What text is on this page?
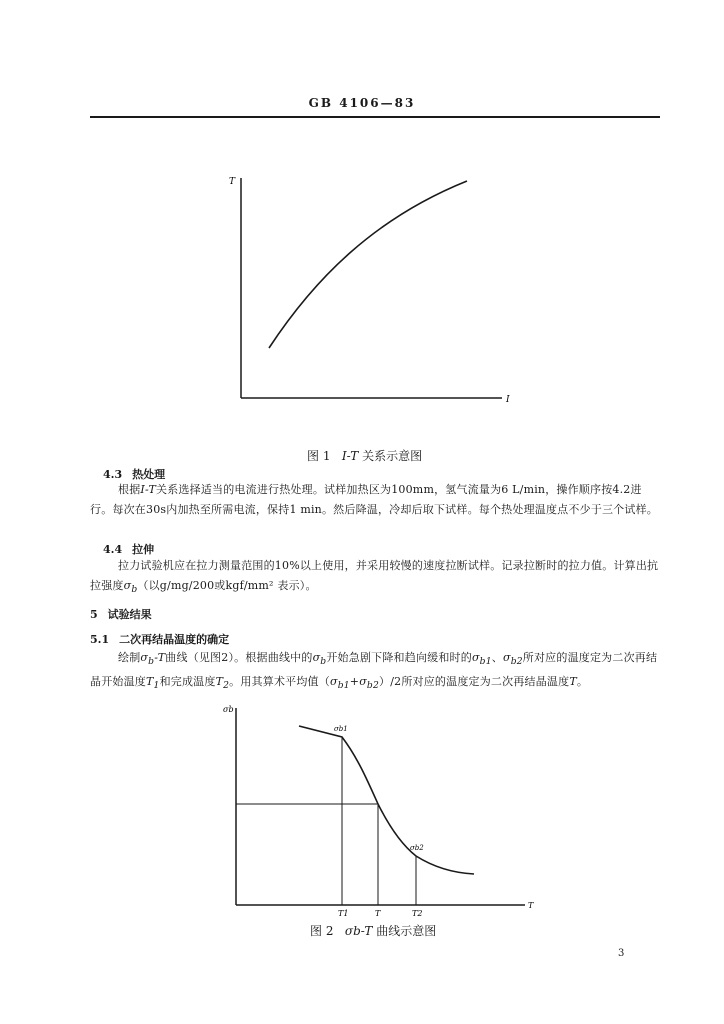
GB 4106—83
T
I
图 1 I-T 关系示意图
4.3 热处理

根据I-T关系选择适当的电流进行热处理。试样加热区为100mm，氢气流量为6 L/min，操作顺序按4.2进行。每次在30s内加热至所需电流，保持1 min。然后降温，冷却后取下试样。每个热处理温度点不少于三个试样。

4.4 拉伸

拉力试验机应在拉力测量范围的10%以上使用，并采用较慢的速度拉断试样。记录拉断时的拉力值。计算出抗拉强度$\sigma_b$（以g/mg/200或kgf/mm² 表示）。

5 试验结果
5.1 二次再结晶温度的确定

绘制$\sigma_b-T$曲线（见图2）。根据曲线中的$\sigma_b$开始急剧下降和趋向缓和时的$\sigma_{b1}$、$\sigma_{b2}$所对应的温度定为二次再结晶开始温度$T_1$和完成温度$T_2$。用其算术平均值$(\sigma_{b1}+\sigma_{b2})/2$所对应的温度定为二次再结晶温度T。

σb
σb1
σb2
T1	T	T2
T
图 2 σb-T 曲线示意图
3
